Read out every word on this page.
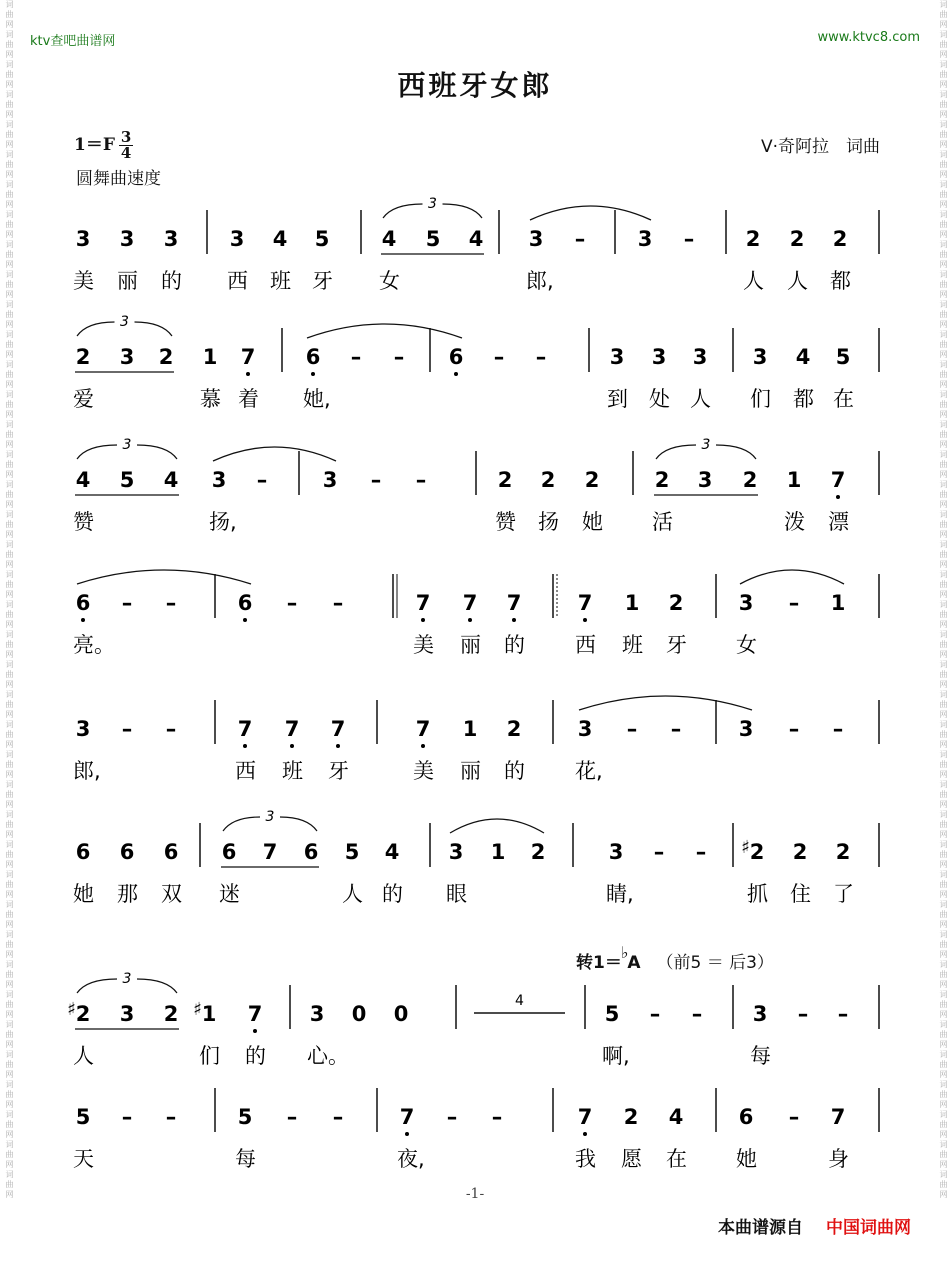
词曲网词曲网词曲网词曲网词曲网词曲网词曲网词曲网词曲网词曲网词曲网词曲网词曲网词曲网词曲网词曲网词曲网词曲网词曲网词曲网词曲网词曲网词曲网词曲网词曲网词曲网词曲网词曲网词曲网词曲网词曲网词曲网词曲网词曲网词曲网词曲网词曲网词曲网词曲网词曲网	词曲网词曲网词曲网词曲网词曲网词曲网词曲网词曲网词曲网词曲网词曲网词曲网词曲网词曲网词曲网词曲网词曲网词曲网词曲网词曲网词曲网词曲网词曲网词曲网词曲网词曲网词曲网词曲网词曲网词曲网词曲网词曲网词曲网词曲网词曲网词曲网词曲网词曲网词曲网词曲网
ktv查吧曲谱网	www.ktvc8.com
西班牙女郎
$1=F \frac{3}{4}$
圆舞曲速度
V·奇阿拉　词曲
转1＝♭A （前5 ＝ 后3）
3 3 3
美 丽 的
3 4 5
西 班 牙
4 5 4
女
3
3 –
郎,
3 – 2 2 2
人 人 都
2 3 2 1 7
爱	慕 着
3
6 – –
她,
6 – –	3 3 3
到 处 人
3 4 5
们 都 在
4 5 4 3 –
赞	扬,
3
3 – –	2 2 2
赞 扬 她
2 3 2 1 7
活	泼 漂
3
6 – –
亮。
6 – –	7 7 7
美 丽 的
7 1 2
西 班 牙
3 – 1
女
3 – –
郎,
7 7 7
西 班 牙
7 1 2
美 丽 的
3 – –
花,
3 – –
6 6 6
她 那 双
6 7 6 5 4
迷	人 的
3
3 1 2
眼
3 – –
睛,
2
♯ 2 2
抓 住 了
2
♯ 3 2 1
♯ 7
人	们 的
3
3 0 0
心。
4
5 – –
啊,
3 – –
每
5 – –
天
5 – –
每
7 – –
夜,
7 2 4
我 愿 在
6 – 7
她	身
-1-
本曲谱源自 中国词曲网
